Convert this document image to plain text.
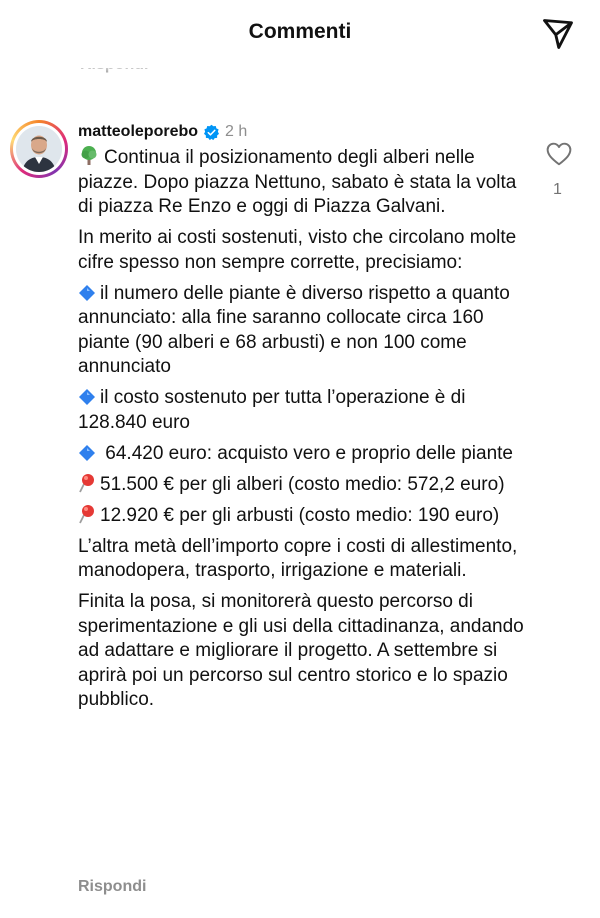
Commenti
matteoleporebo 2 h

Continua il posizionamento degli alberi nelle piazze. Dopo piazza Nettuno, sabato è stata la volta di piazza Re Enzo e oggi di Piazza Galvani.

In merito ai costi sostenuti, visto che circolano molte cifre spesso non sempre corrette, precisiamo:

il numero delle piante è diverso rispetto a quanto annunciato: alla fine saranno collocate circa 160 piante (90 alberi e 68 arbusti) e non 100 come annunciato

il costo sostenuto per tutta l’operazione è di 128.840 euro

64.420 euro: acquisto vero e proprio delle piante

51.500 € per gli alberi (costo medio: 572,2 euro)

12.920 € per gli arbusti (costo medio: 190 euro)

L’altra metà dell’importo copre i costi di allestimento, manodopera, trasporto, irrigazione e materiali.

Finita la posa, si monitorerà questo percorso di sperimentazione e gli usi della cittadinanza, andando ad adattare e migliorare il progetto. A settembre si aprirà poi un percorso sul centro storico e lo spazio pubblico.

1
Rispondi
